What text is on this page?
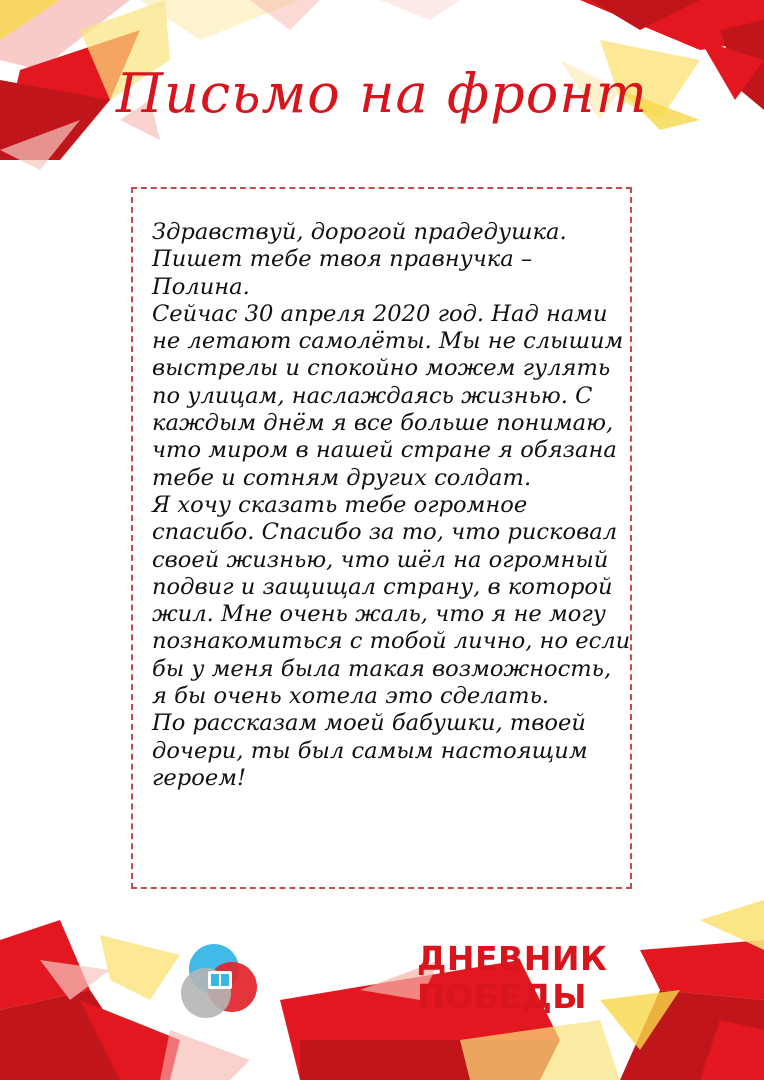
Письмо на фронт
Здравствуй, дорогой прадедушка.
Пишет тебе твоя правнучка –
Полина.
Сейчас 30 апреля 2020 год. Над нами
не летают самолёты. Мы не слышим
выстрелы и спокойно можем гулять
по улицам, наслаждаясь жизнью. С
каждым днём я все больше понимаю,
что миром в нашей стране я обязана
тебе и сотням других солдат.
Я хочу сказать тебе огромное
спасибо. Спасибо за то, что рисковал
своей жизнью, что шёл на огромный
подвиг и защищал страну, в которой
жил. Мне очень жаль, что я не могу
познакомиться с тобой лично, но если
бы у меня была такая возможность,
я бы очень хотела это сделать.
По рассказам моей бабушки, твоей
дочери, ты был самым настоящим
героем!
ДНЕВНИК
ПОБЕДЫ
